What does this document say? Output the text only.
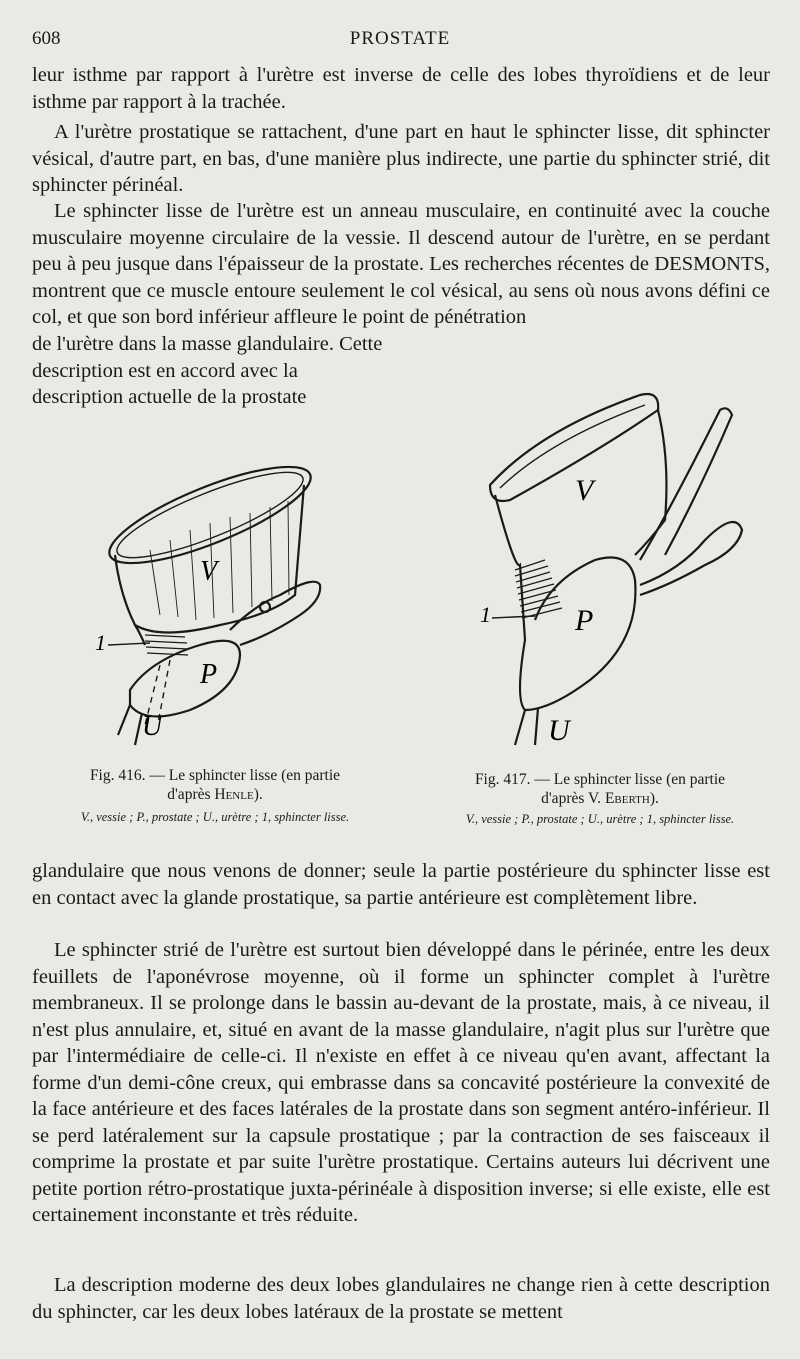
608	PROSTATE

leur isthme par rapport à l'urètre est inverse de celle des lobes thyroïdiens et de leur isthme par rapport à la trachée.

A l'urètre prostatique se rattachent, d'une part en haut le sphincter lisse, dit sphincter vésical, d'autre part, en bas, d'une manière plus indirecte, une partie du sphincter strié, dit sphincter périnéal.

Le sphincter lisse de l'urètre est un anneau musculaire, en continuité avec la couche musculaire moyenne circulaire de la vessie. Il descend autour de l'urètre, en se perdant peu à peu jusque dans l'épaisseur de la prostate. Les recherches récentes de DESMONTS, montrent que ce muscle entoure seulement le col vésical, au sens où nous avons défini ce col, et que son bord inférieur affleure le point de pénétration

de l'urètre dans la masse glandulaire. Cette description est en accord avec la description actuelle de la prostate

V
P
U
1
V
P
U
1
Fig. 416. — Le sphincter lisse (en partie
d'après Henle).
V., vessie ; P., prostate ; U., urètre ; 1, sphincter lisse.
Fig. 417. — Le sphincter lisse (en partie
d'après V. Eberth).
V., vessie ; P., prostate ; U., urètre ; 1, sphincter lisse.

glandulaire que nous venons de donner; seule la partie postérieure du sphincter lisse est en contact avec la glande prostatique, sa partie antérieure est complètement libre.

Le sphincter strié de l'urètre est surtout bien développé dans le périnée, entre les deux feuillets de l'aponévrose moyenne, où il forme un sphincter complet à l'urètre membraneux. Il se prolonge dans le bassin au-devant de la prostate, mais, à ce niveau, il n'est plus annulaire, et, situé en avant de la masse glandulaire, n'agit plus sur l'urètre que par l'intermédiaire de celle-ci. Il n'existe en effet à ce niveau qu'en avant, affectant la forme d'un demi-cône creux, qui embrasse dans sa concavité postérieure la convexité de la face antérieure et des faces latérales de la prostate dans son segment antéro-inférieur. Il se perd latéralement sur la capsule prostatique ; par la contraction de ses faisceaux il comprime la prostate et par suite l'urètre prostatique. Certains auteurs lui décrivent une petite portion rétro-prostatique juxta-périnéale à disposition inverse; si elle existe, elle est certainement inconstante et très réduite.

La description moderne des deux lobes glandulaires ne change rien à cette description du sphincter, car les deux lobes latéraux de la prostate se mettent
